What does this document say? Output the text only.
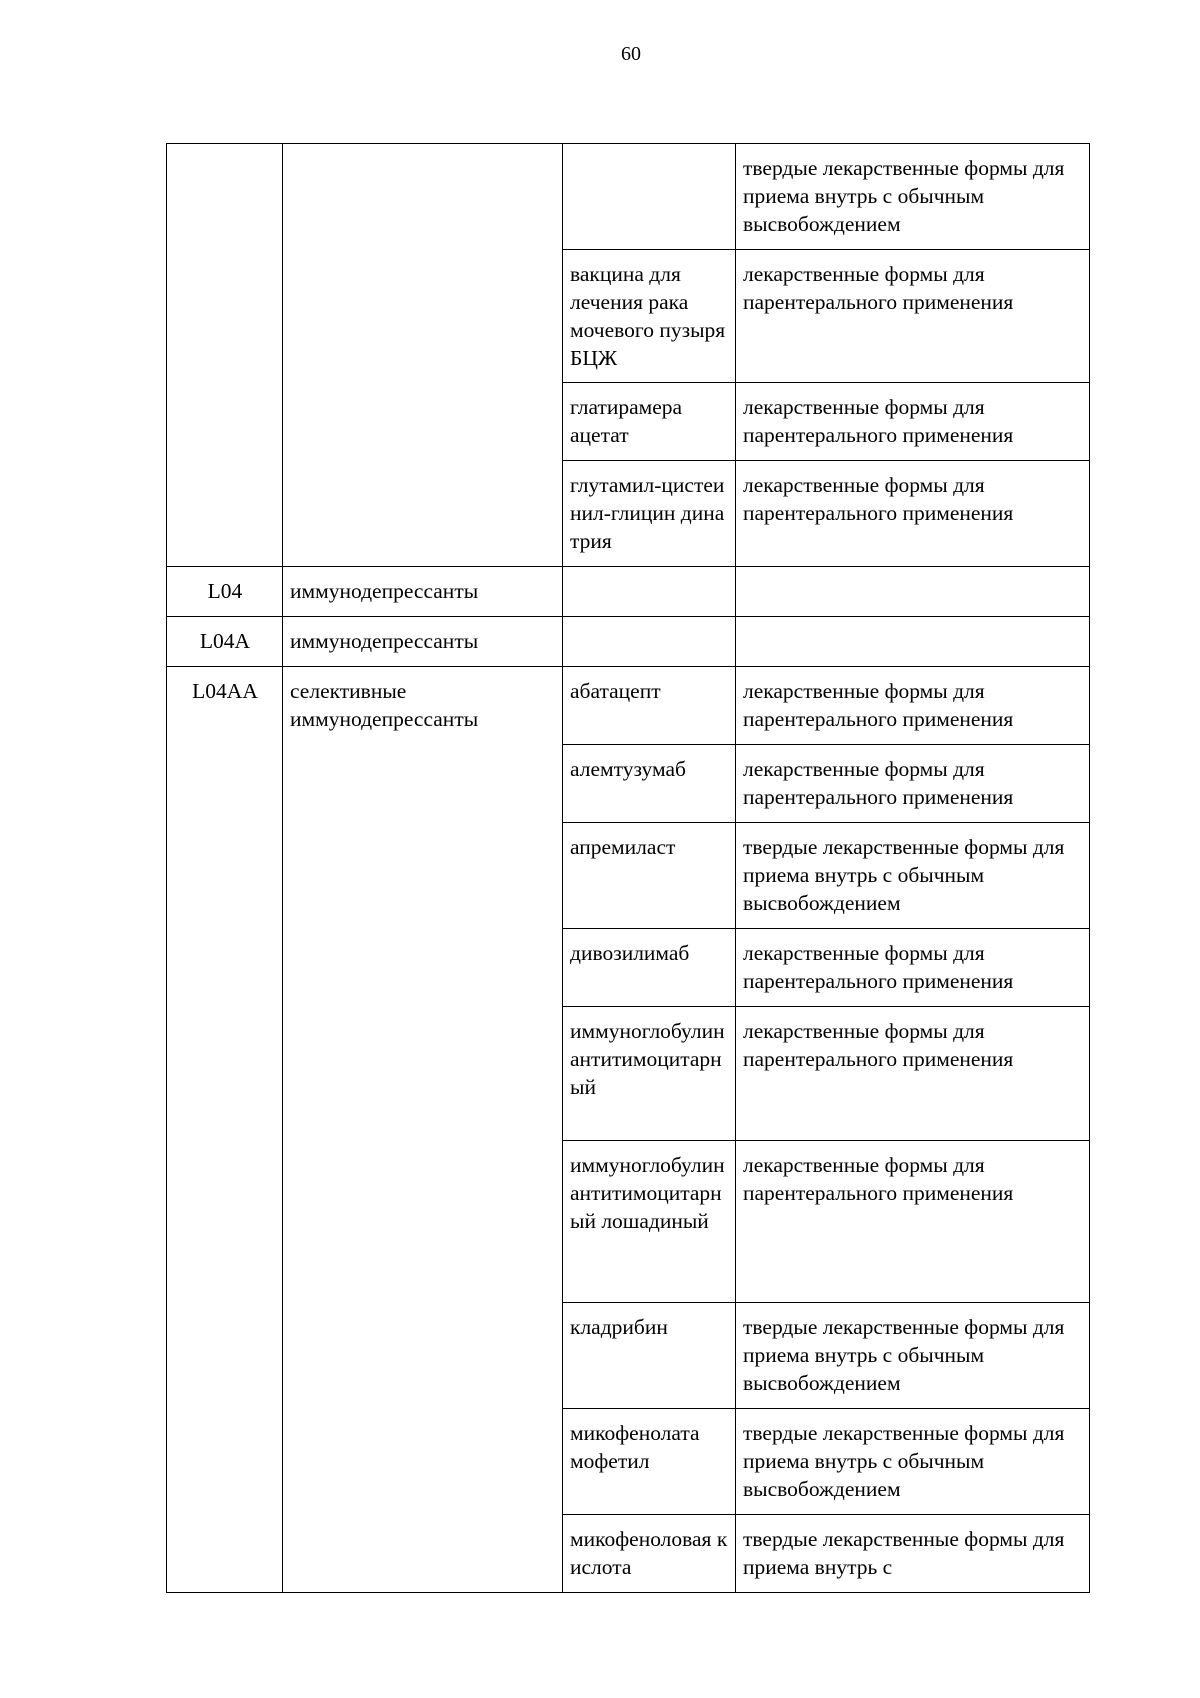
60
			твердые лекарственные формы для приема внутрь с обычным высвобождением
		вакцина для лечения рака мочевого пузыря БЦЖ	лекарственные формы для парентерального применения
		глатирамера ацетат	лекарственные формы для парентерального применения
		глутамил-цистеинил-глицин динатрия	лекарственные формы для парентерального применения
L04	иммунодепрессанты		
L04A	иммунодепрессанты		
L04AA	селективные иммунодепрессанты	абатацепт	лекарственные формы для парентерального применения
		алемтузумаб	лекарственные формы для парентерального применения
		апремиласт	твердые лекарственные формы для приема внутрь с обычным высвобождением
		дивозилимаб	лекарственные формы для парентерального применения
		иммуноглобулин антитимоцитарный	лекарственные формы для парентерального применения
		иммуноглобулин антитимоцитарный лошадиный	лекарственные формы для парентерального применения
		кладрибин	твердые лекарственные формы для приема внутрь с обычным высвобождением
		микофенолата мофетил	твердые лекарственные формы для приема внутрь с обычным высвобождением
		микофеноловая кислота	твердые лекарственные формы для приема внутрь с
